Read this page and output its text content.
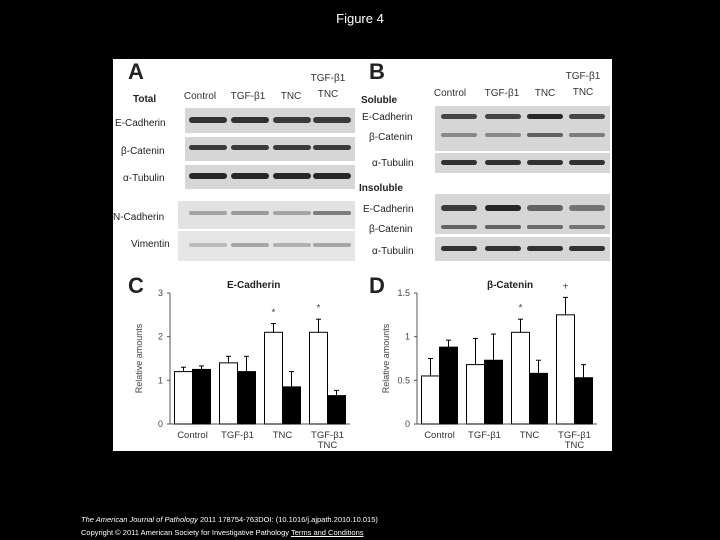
Figure 4
A
Total	Control	TGF-β1	TNC
TGF-β1
TNC
E-Cadherin
β-Catenin
α-Tubulin
N-Cadherin
Vimentin
B
Control	TGF-β1	TNC
TGF-β1
TNC
Soluble
E-Cadherin
β-Catenin
α-Tubulin
Insoluble
E-Cadherin
β-Catenin
α-Tubulin
C	E-Cadherin	D	β-Catenin
0
1
2
3
Relative amounts
Control TGF-β1
*
TNC
*
TGF-β1
TNC
0
0.5
1
1.5
Relative amounts
Control TGF-β1
*
TNC
+
TGF-β1
TNC
The American Journal of Pathology 2011 178754-763DOI: (10.1016/j.ajpath.2010.10.015)
Copyright © 2011 American Society for Investigative Pathology Terms and Conditions
